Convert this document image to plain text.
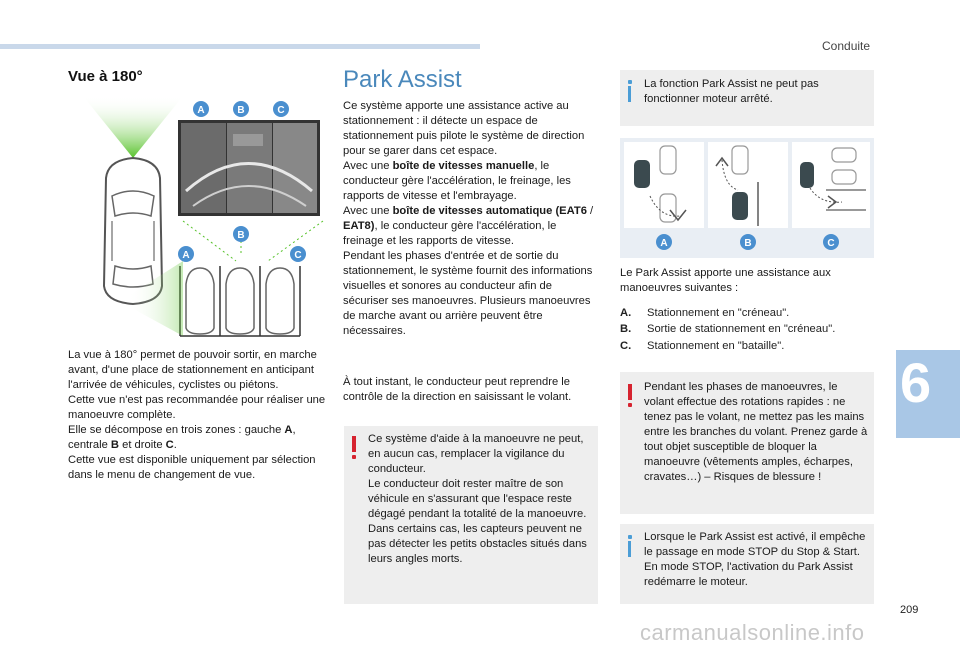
Conduite
Vue à 180°
A	B	C
B
A	C

La vue à 180° permet de pouvoir sortir, en marche avant, d'une place de stationnement en anticipant l'arrivée de véhicules, cyclistes ou piétons.

Cette vue n'est pas recommandée pour réaliser une manoeuvre complète.

Elle se décompose en trois zones : gauche A, centrale B et droite C.

Cette vue est disponible uniquement par sélection dans le menu de changement de vue.

Park Assist

Ce système apporte une assistance active au stationnement : il détecte un espace de stationnement puis pilote le système de direction pour se garer dans cet espace.

Avec une boîte de vitesses manuelle, le conducteur gère l'accélération, le freinage, les rapports de vitesse et l'embrayage.

Avec une boîte de vitesses automatique (EAT6 / EAT8), le conducteur gère l'accélération, le freinage et les rapports de vitesse.

Pendant les phases d'entrée et de sortie du stationnement, le système fournit des informations visuelles et sonores au conducteur afin de sécuriser ses manoeuvres. Plusieurs manoeuvres de marche avant ou arrière peuvent être nécessaires.

À tout instant, le conducteur peut reprendre le contrôle de la direction en saisissant le volant.

Ce système d'aide à la manoeuvre ne peut, en aucun cas, remplacer la vigilance du conducteur.

Le conducteur doit rester maître de son véhicule en s'assurant que l'espace reste dégagé pendant la totalité de la manoeuvre.

Dans certains cas, les capteurs peuvent ne pas détecter les petits obstacles situés dans leurs angles morts.

La fonction Park Assist ne peut pas fonctionner moteur arrêté.
A	B	C
Le Park Assist apporte une assistance aux manoeuvres suivantes :
A. Stationnement en "créneau".
B. Sortie de stationnement en "créneau".
C. Stationnement en "bataille".
Pendant les phases de manoeuvres, le volant effectue des rotations rapides : ne tenez pas le volant, ne mettez pas les mains entre les branches du volant. Prenez garde à tout objet susceptible de bloquer la manoeuvre (vêtements amples, écharpes, cravates…) – Risques de blessure !
Lorsque le Park Assist est activé, il empêche le passage en mode STOP du Stop & Start. En mode STOP, l'activation du Park Assist redémarre le moteur.
6
209
carmanualsonline.info
